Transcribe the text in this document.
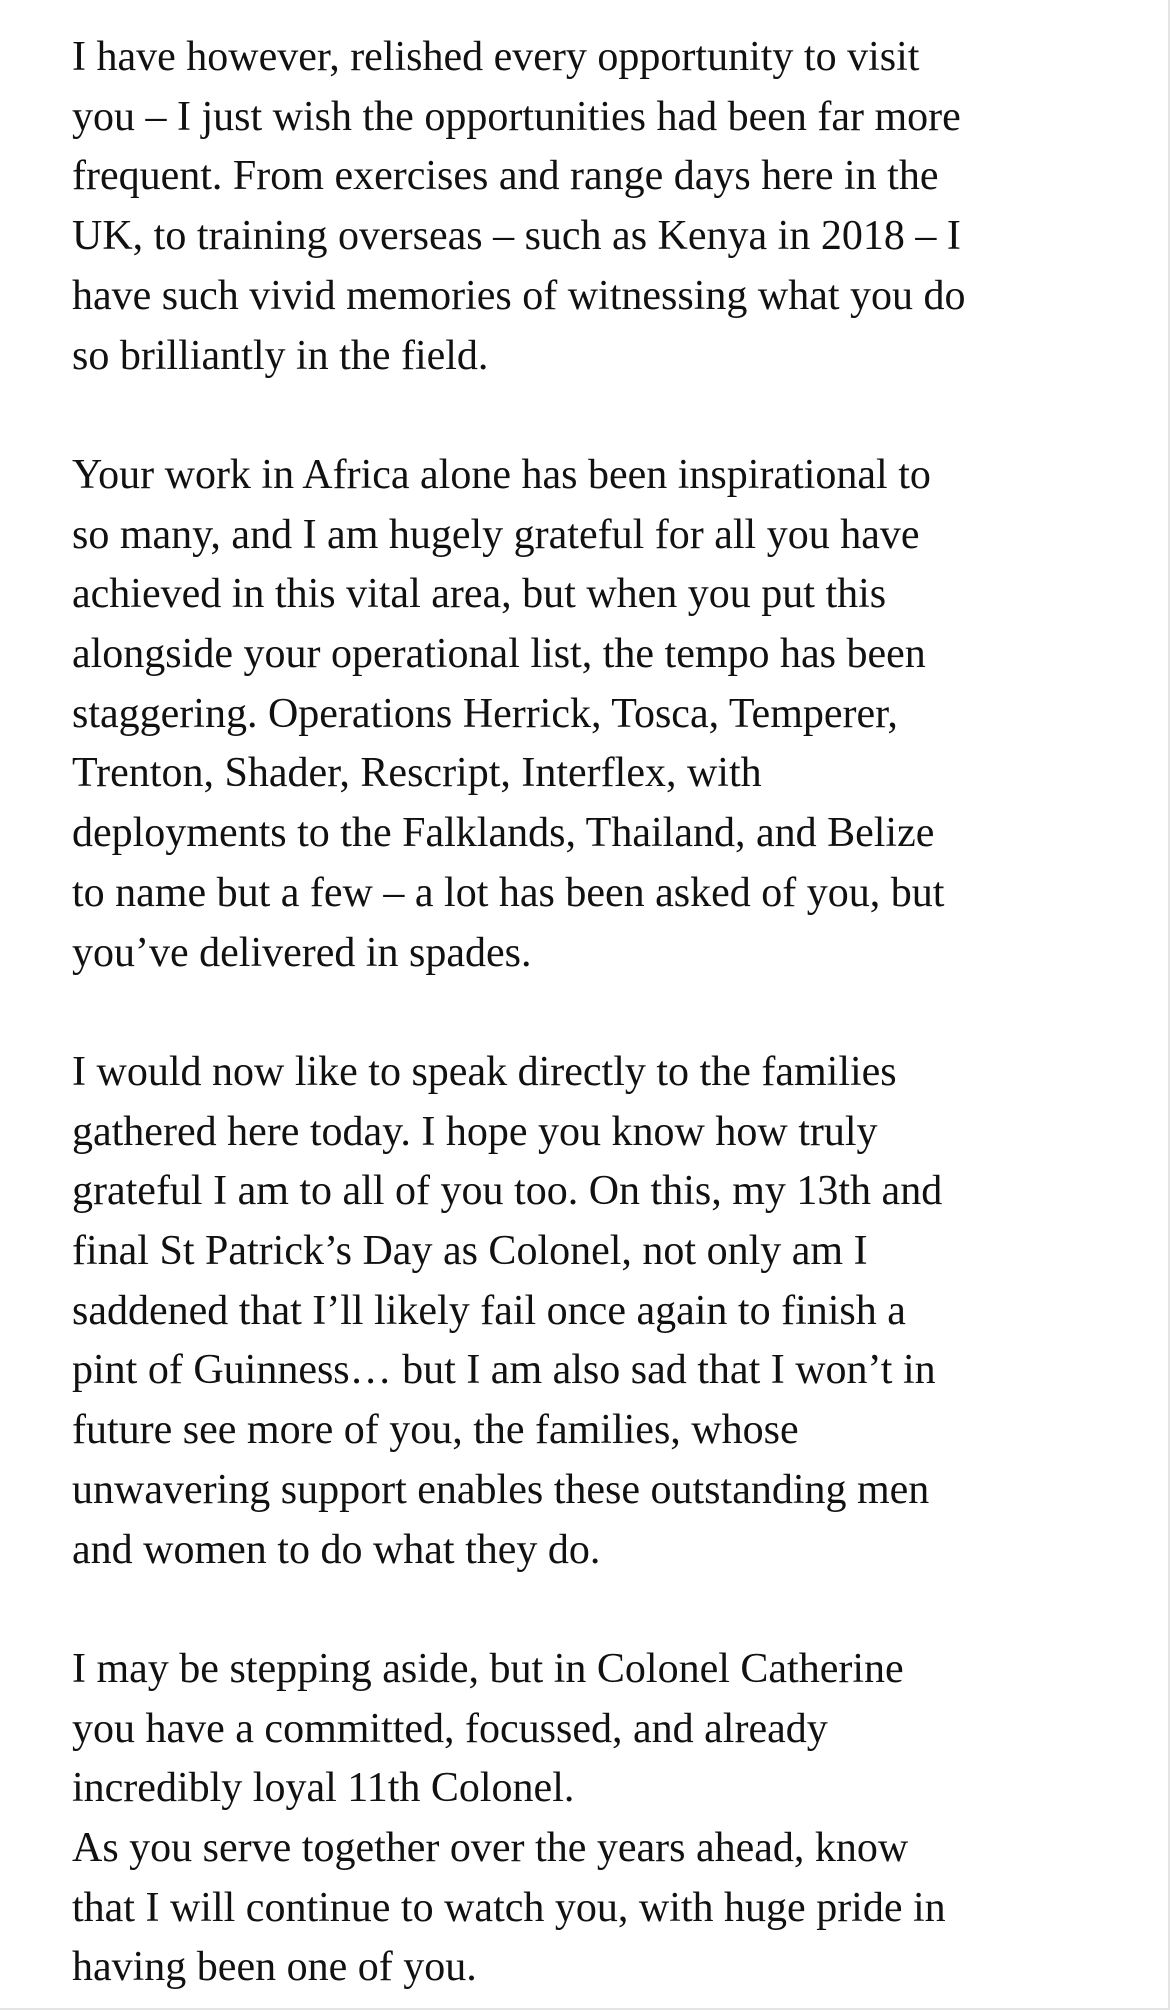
I have however, relished every opportunity to visit
you – I just wish the opportunities had been far more
frequent. From exercises and range days here in the
UK, to training overseas – such as Kenya in 2018 – I
have such vivid memories of witnessing what you do
so brilliantly in the field.

Your work in Africa alone has been inspirational to
so many, and I am hugely grateful for all you have
achieved in this vital area, but when you put this
alongside your operational list, the tempo has been
staggering. Operations Herrick, Tosca, Temperer,
Trenton, Shader, Rescript, Interflex, with
deployments to the Falklands, Thailand, and Belize
to name but a few – a lot has been asked of you, but
you’ve delivered in spades.

I would now like to speak directly to the families
gathered here today. I hope you know how truly
grateful I am to all of you too. On this, my 13th and
final St Patrick’s Day as Colonel, not only am I
saddened that I’ll likely fail once again to finish a
pint of Guinness… but I am also sad that I won’t in
future see more of you, the families, whose
unwavering support enables these outstanding men
and women to do what they do.

I may be stepping aside, but in Colonel Catherine
you have a committed, focussed, and already
incredibly loyal 11th Colonel.

As you serve together over the years ahead, know
that I will continue to watch you, with huge pride in
having been one of you.
